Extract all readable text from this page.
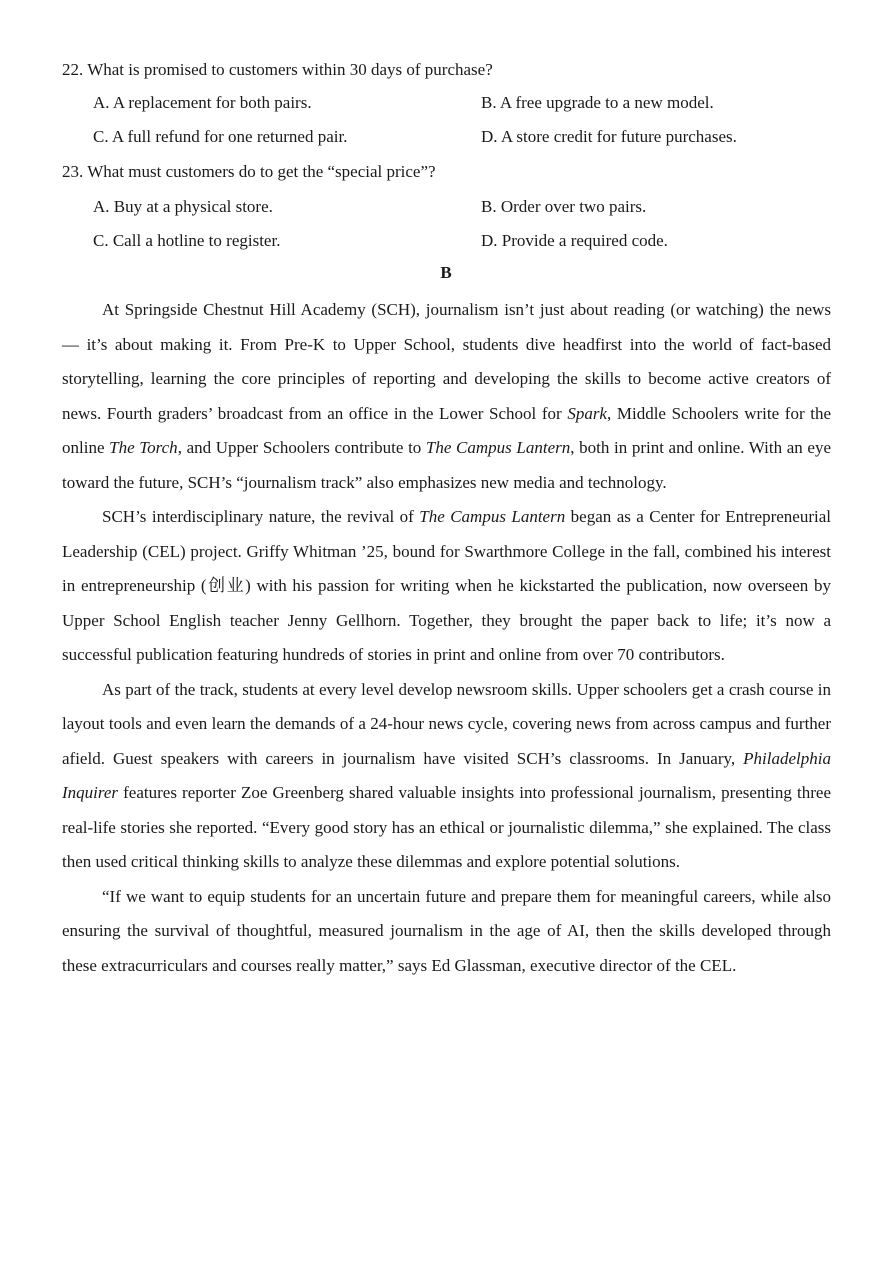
22. What is promised to customers within 30 days of purchase?
A. A replacement for both pairs.	B. A free upgrade to a new model.
C. A full refund for one returned pair.	D. A store credit for future purchases.
23. What must customers do to get the “special price”?
A. Buy at a physical store.	B. Order over two pairs.
C. Call a hotline to register.	D. Provide a required code.
B

At Springside Chestnut Hill Academy (SCH), journalism isn’t just about reading (or watching) the news — it’s about making it. From Pre-K to Upper School, students dive headfirst into the world of fact-based storytelling, learning the core principles of reporting and developing the skills to become active creators of news. Fourth graders’ broadcast from an office in the Lower School for Spark, Middle Schoolers write for the online The Torch, and Upper Schoolers contribute to The Campus Lantern, both in print and online. With an eye toward the future, SCH’s “journalism track” also emphasizes new media and technology.

SCH’s interdisciplinary nature, the revival of The Campus Lantern began as a Center for Entrepreneurial Leadership (CEL) project. Griffy Whitman ’25, bound for Swarthmore College in the fall, combined his interest in entrepreneurship (创业) with his passion for writing when he kickstarted the publication, now overseen by Upper School English teacher Jenny Gellhorn. Together, they brought the paper back to life; it’s now a successful publication featuring hundreds of stories in print and online from over 70 contributors.

As part of the track, students at every level develop newsroom skills. Upper schoolers get a crash course in layout tools and even learn the demands of a 24-hour news cycle, covering news from across campus and further afield. Guest speakers with careers in journalism have visited SCH’s classrooms. In January, Philadelphia Inquirer features reporter Zoe Greenberg shared valuable insights into professional journalism, presenting three real-life stories she reported. “Every good story has an ethical or journalistic dilemma,” she explained. The class then used critical thinking skills to analyze these dilemmas and explore potential solutions.

“If we want to equip students for an uncertain future and prepare them for meaningful careers, while also ensuring the survival of thoughtful, measured journalism in the age of AI, then the skills developed through these extracurriculars and courses really matter,” says Ed Glassman, executive director of the CEL.
